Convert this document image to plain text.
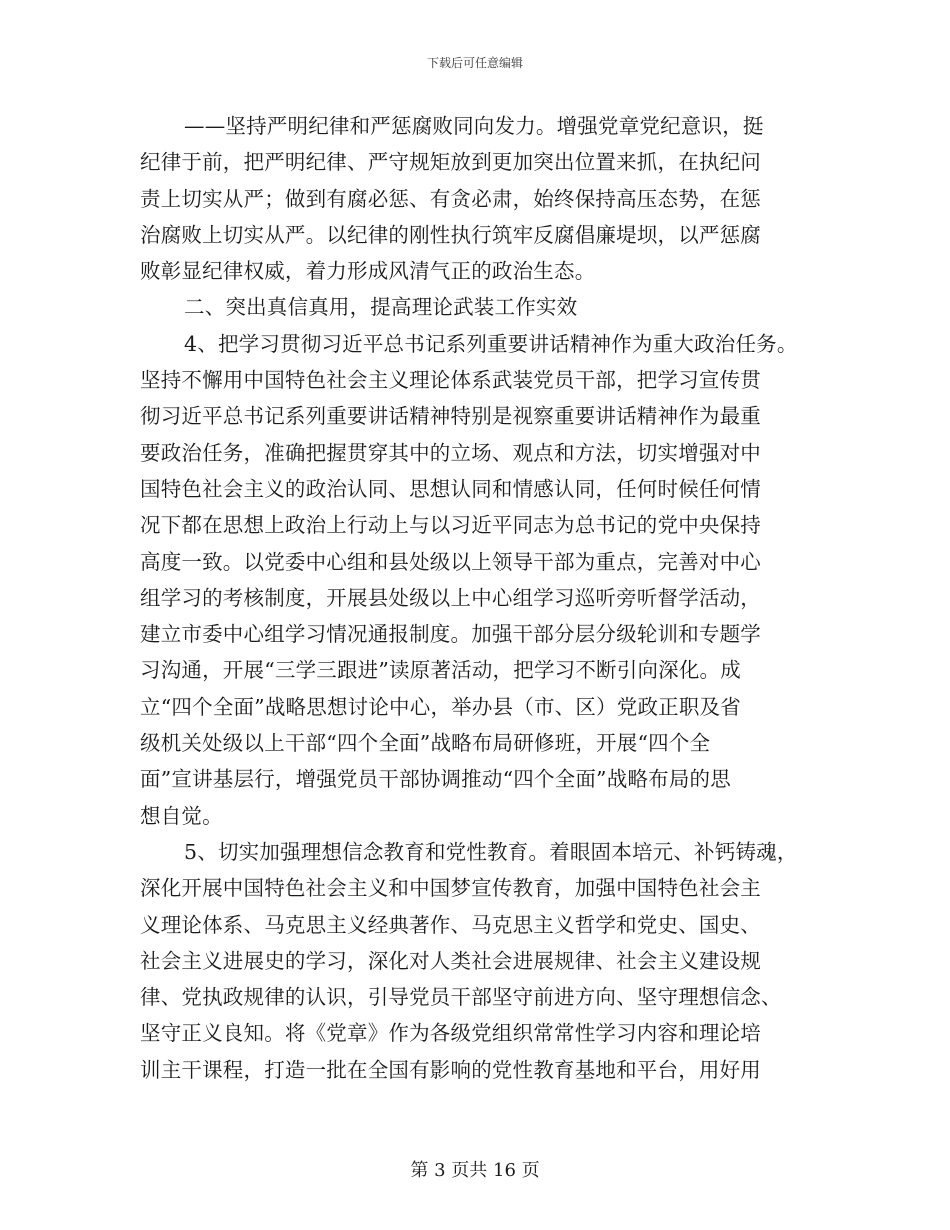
下载后可任意编辑
——坚持严明纪律和严惩腐败同向发力。增强党章党纪意识，挺
纪律于前，把严明纪律、严守规矩放到更加突出位置来抓，在执纪问
责上切实从严；做到有腐必惩、有贪必肃，始终保持高压态势，在惩
治腐败上切实从严。以纪律的刚性执行筑牢反腐倡廉堤坝，以严惩腐
败彰显纪律权威，着力形成风清气正的政治生态。
二、突出真信真用，提高理论武装工作实效
4、把学习贯彻习近平总书记系列重要讲话精神作为重大政治任务。
坚持不懈用中国特色社会主义理论体系武装党员干部，把学习宣传贯
彻习近平总书记系列重要讲话精神特别是视察重要讲话精神作为最重
要政治任务，准确把握贯穿其中的立场、观点和方法，切实增强对中
国特色社会主义的政治认同、思想认同和情感认同，任何时候任何情
况下都在思想上政治上行动上与以习近平同志为总书记的党中央保持
高度一致。以党委中心组和县处级以上领导干部为重点，完善对中心
组学习的考核制度，开展县处级以上中心组学习巡听旁听督学活动，
建立市委中心组学习情况通报制度。加强干部分层分级轮训和专题学
习沟通，开展“三学三跟进”读原著活动，把学习不断引向深化。成
立“四个全面”战略思想讨论中心，举办县（市、区）党政正职及省
级机关处级以上干部“四个全面”战略布局研修班，开展“四个全
面”宣讲基层行，增强党员干部协调推动“四个全面”战略布局的思
想自觉。
5、切实加强理想信念教育和党性教育。着眼固本培元、补钙铸魂，
深化开展中国特色社会主义和中国梦宣传教育，加强中国特色社会主
义理论体系、马克思主义经典著作、马克思主义哲学和党史、国史、
社会主义进展史的学习，深化对人类社会进展规律、社会主义建设规
律、党执政规律的认识，引导党员干部坚守前进方向、坚守理想信念、
坚守正义良知。将《党章》作为各级党组织常常性学习内容和理论培
训主干课程，打造一批在全国有影响的党性教育基地和平台，用好用
第 3 页共 16 页
